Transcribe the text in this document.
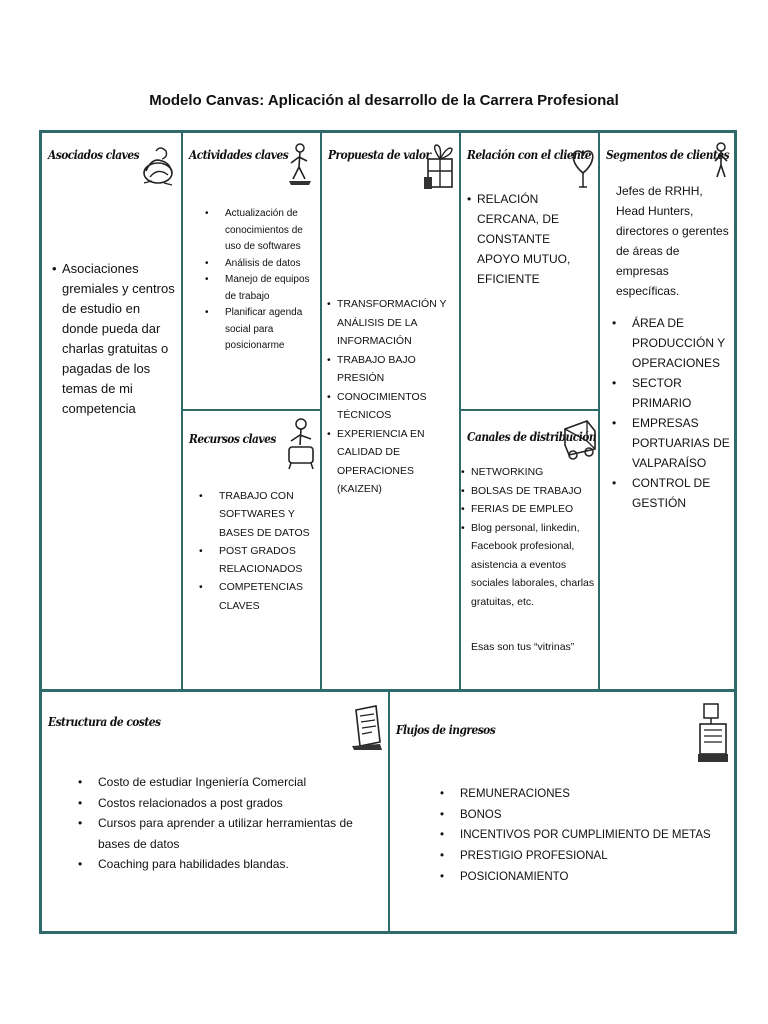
Modelo Canvas: Aplicación al desarrollo de la Carrera Profesional
Asociados claves
• Asociaciones gremiales y centros de estudio en donde pueda dar charlas gratuitas o pagadas de los temas de mi competencia
Actividades claves
• Actualización de conocimientos de uso de softwares
• Análisis de datos
• Manejo de equipos de trabajo
• Planificar agenda social para posicionarme
Recursos claves
• TRABAJO CON SOFTWARES Y BASES DE DATOS
• POST GRADOS RELACIONADOS
• COMPETENCIAS CLAVES
Propuesta de valor
• TRANSFORMACIÓN Y ANÁLISIS DE LA INFORMACIÓN
• TRABAJO BAJO PRESIÓN
• CONOCIMIENTOS TÉCNICOS
• EXPERIENCIA EN CALIDAD DE OPERACIONES (KAIZEN)
Relación con el cliente
• RELACIÓN CERCANA, DE CONSTANTE APOYO MUTUO, EFICIENTE
Canales de distribución
• NETWORKING
• BOLSAS DE TRABAJO
• FERIAS DE EMPLEO
• Blog personal, linkedin, Facebook profesional, asistencia a eventos sociales laborales, charlas gratuitas, etc.
Esas son tus “vitrinas”
Segmentos de clientes
Jefes de RRHH, Head Hunters, directores o gerentes de áreas de empresas específicas.
• ÁREA DE PRODUCCIÓN Y OPERACIONES
• SECTOR PRIMARIO
• EMPRESAS PORTUARIAS DE VALPARAÍSO
• CONTROL DE GESTIÓN
Estructura de costes
• Costo de estudiar Ingeniería Comercial
• Costos relacionados a post grados
• Cursos para aprender a utilizar herramientas de bases de datos
• Coaching para habilidades blandas.
Flujos de ingresos
• REMUNERACIONES
• BONOS
• INCENTIVOS POR CUMPLIMIENTO DE METAS
• PRESTIGIO PROFESIONAL
• POSICIONAMIENTO
